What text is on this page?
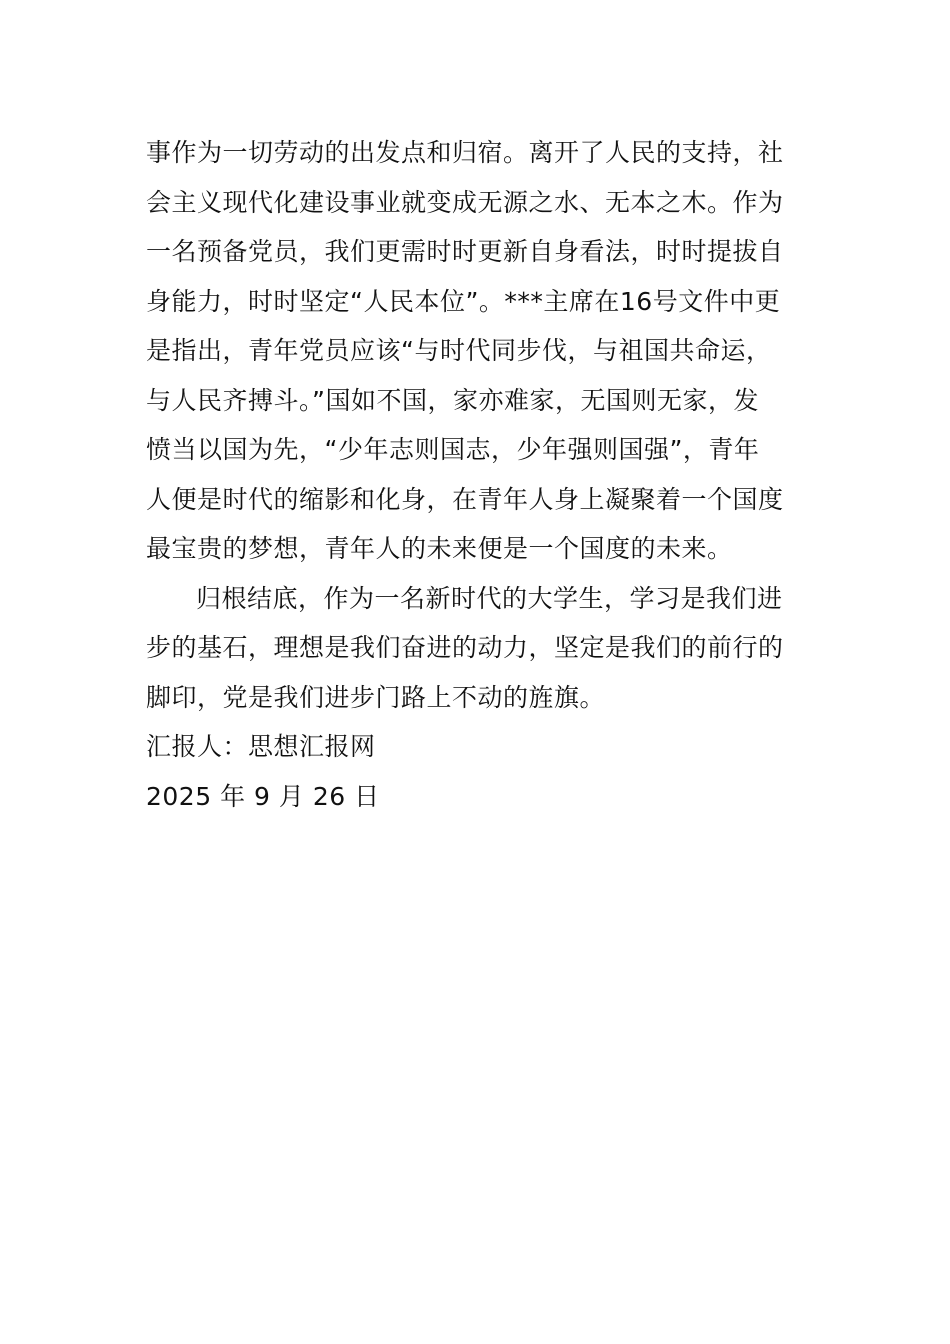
事作为一切劳动的出发点和归宿。离开了人民的支持，社
会主义现代化建设事业就变成无源之水、无本之木。作为
一名预备党员，我们更需时时更新自身看法，时时提拔自
身能力，时时坚定“人民本位”。***主席在16号文件中更
是指出，青年党员应该“与时代同步伐，与祖国共命运，
与人民齐搏斗。”国如不国，家亦难家，无国则无家，发
愤当以国为先，“少年志则国志，少年强则国强”，青年
人便是时代的缩影和化身，在青年人身上凝聚着一个国度
最宝贵的梦想，青年人的未来便是一个国度的未来。
归根结底，作为一名新时代的大学生，学习是我们进
步的基石，理想是我们奋进的动力，坚定是我们的前行的
脚印，党是我们进步门路上不动的旌旗。
汇报人：思想汇报网
2025 年 9 月 26 日
